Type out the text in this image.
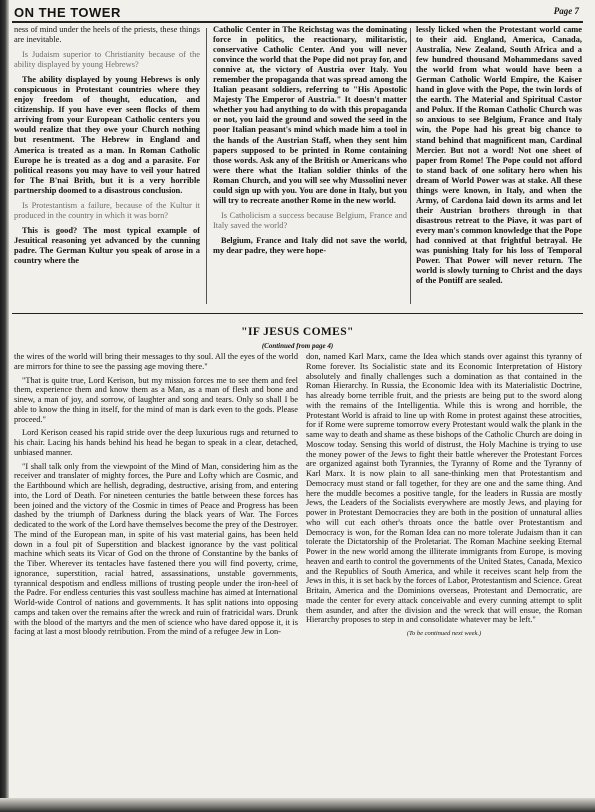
ON THE TOWER	Page 7

ness of mind under the heels of the priests, these things are inevitable.

Is Judaism superior to Christianity because of the ability displayed by young Hebrews?

The ability displayed by young Hebrews is only conspicuous in Protestant countries where they enjoy freedom of thought, education, and citizenship. If you have ever seen flocks of them arriving from your European Catholic centers you would realize that they owe your Church nothing but resentment. The Hebrew in England and America is treated as a man. In Roman Catholic Europe he is treated as a dog and a parasite. For political reasons you may have to veil your hatred for The B'nai Brith, but it is a very horrible partnership doomed to a disastrous conclusion.

Is Protestantism a failure, because of the Kultur it produced in the country in which it was born?

This is good? The most typical example of Jesuitical reasoning yet advanced by the cunning padre. The German Kultur you speak of arose in a country where the

Catholic Center in The Reichstag was the dominating force in politics, the reactionary, militaristic, conservative Catholic Center. And you will never convince the world that the Pope did not pray for, and connive at, the victory of Austria over Italy. You remember the propaganda that was spread among the Italian peasant soldiers, referring to "His Apostolic Majesty The Emperor of Austria." It doesn't matter whether you had anything to do with this propaganda or not, you laid the ground and sowed the seed in the poor Italian peasant's mind which made him a tool in the hands of the Austrian Staff, when they sent him papers supposed to be printed in Rome containing those words. Ask any of the British or Americans who were there what the Italian soldier thinks of the Roman Church, and you will see why Mussolini never could sign up with you. You are done in Italy, but you will try to recreate another Rome in the new world.

Is Catholicism a success because Belgium, France and Italy saved the world?

Belgium, France and Italy did not save the world, my dear padre, they were hope-

lessly licked when the Protestant world came to their aid. England, America, Canada, Australia, New Zealand, South Africa and a few hundred thousand Mohammedans saved the world from what would have been a German Catholic World Empire, the Kaiser hand in glove with the Pope, the twin lords of the earth. The Material and Spiritual Castor and Polux. If the Roman Catholic Church was so anxious to see Belgium, France and Italy win, the Pope had his great big chance to stand behind that magnificent man, Cardinal Mercier. But not a word! Not one sheet of paper from Rome! The Pope could not afford to stand back of one solitary hero when his dream of World Power was at stake. All these things were known, in Italy, and when the Army, of Cardona laid down its arms and let their Austrian brothers through in that disastrous retreat to the Piave, it was part of every man's common knowledge that the Pope had connived at that frightful betrayal. He was punishing Italy for his loss of Temporal Power. That Power will never return. The world is slowly turning to Christ and the days of the Pontiff are sealed.

"IF JESUS COMES"
(Continued from page 4)

the wires of the world will bring their messages to thy soul. All the eyes of the world are mirrors for thine to see the passing age moving there."

"That is quite true, Lord Kerison, but my mission forces me to see them and feel them, experience them and know them as a Man, as a man of flesh and bone and sinew, a man of joy, and sorrow, of laughter and song and tears. Only so shall I be able to know the thing in itself, for the mind of man is dark even to the gods. Please proceed."

Lord Kerison ceased his rapid stride over the deep luxurious rugs and returned to his chair. Lacing his hands behind his head he began to speak in a clear, detached, unbiased manner.

"I shall talk only from the viewpoint of the Mind of Man, considering him as the receiver and translater of mighty forces, the Pure and Lofty which are Cosmic, and the Earthbound which are hellish, degrading, destructive, arising from, and entering into, the Lord of Death. For nineteen centuries the battle between these forces has been joined and the victory of the Cosmic in times of Peace and Progress has been dashed by the triumph of Darkness during the black years of War. The Forces dedicated to the work of the Lord have themselves become the prey of the Destroyer. The mind of the European man, in spite of his vast material gains, has been held down in a foul pit of Superstition and blackest ignorance by the vast political machine which seats its Vicar of God on the throne of Constantine by the banks of the Tiber. Wherever its tentacles have fastened there you will find poverty, crime, ignorance, superstition, racial hatred, assassinations, unstable governments, tyrannical despotism and endless millions of trusting people under the iron-heel of the Padre. For endless centuries this vast soulless machine has aimed at International World-wide Control of nations and governments. It has split nations into opposing camps and taken over the remains after the wreck and ruin of fratricidal wars. Drunk with the blood of the martyrs and the men of science who have dared oppose it, it is facing at last a most bloody retribution. From the mind of a refugee Jew in Lon-

don, named Karl Marx, came the Idea which stands over against this tyranny of Rome forever. Its Socialistic state and its Economic Interpretation of History absolutely and finally challenges such a domination as that contained in the Roman Hierarchy. In Russia, the Economic Idea with its Materialistic Doctrine, has already borne terrible fruit, and the priests are being put to the sword along with the remains of the Intelligentia. While this is wrong and horrible, the Protestant World is afraid to line up with Rome in protest against these atrocities, for if Rome were supreme tomorrow every Protestant would walk the plank in the same way to death and shame as these bishops of the Catholic Church are doing in Moscow today. Sensing this world of distrust, the Holy Machine is trying to use the money power of the Jews to fight their battle wherever the Protestant Forces are organized against both Tyrannies, the Tyranny of Rome and the Tyranny of Karl Marx. It is now plain to all sane-thinking men that Protestantism and Democracy must stand or fall together, for they are one and the same thing. And here the muddle becomes a positive tangle, for the leaders in Russia are mostly Jews, the Leaders of the Socialists everywhere are mostly Jews, and playing for power in Protestant Democracies they are both in the position of unnatural allies who will cut each other's throats once the battle over Protestantism and Democracy is won, for the Roman Idea can no more tolerate Judaism than it can tolerate the Dictatorship of the Proletariat. The Roman Machine seeking Eternal Power in the new world among the illiterate immigrants from Europe, is moving heaven and earth to control the governments of the United States, Canada, Mexico and the Republics of South America, and while it receives scant help from the Jews in this, it is set back by the forces of Labor, Protestantism and Science. Great Britain, America and the Dominions overseas, Protestant and Democratic, are made the center for every attack conceivable and every cunning attempt to split them asunder, and after the division and the wreck that will ensue, the Roman Hierarchy proposes to step in and consolidate whatever may be left."

(To be continued next week.)
